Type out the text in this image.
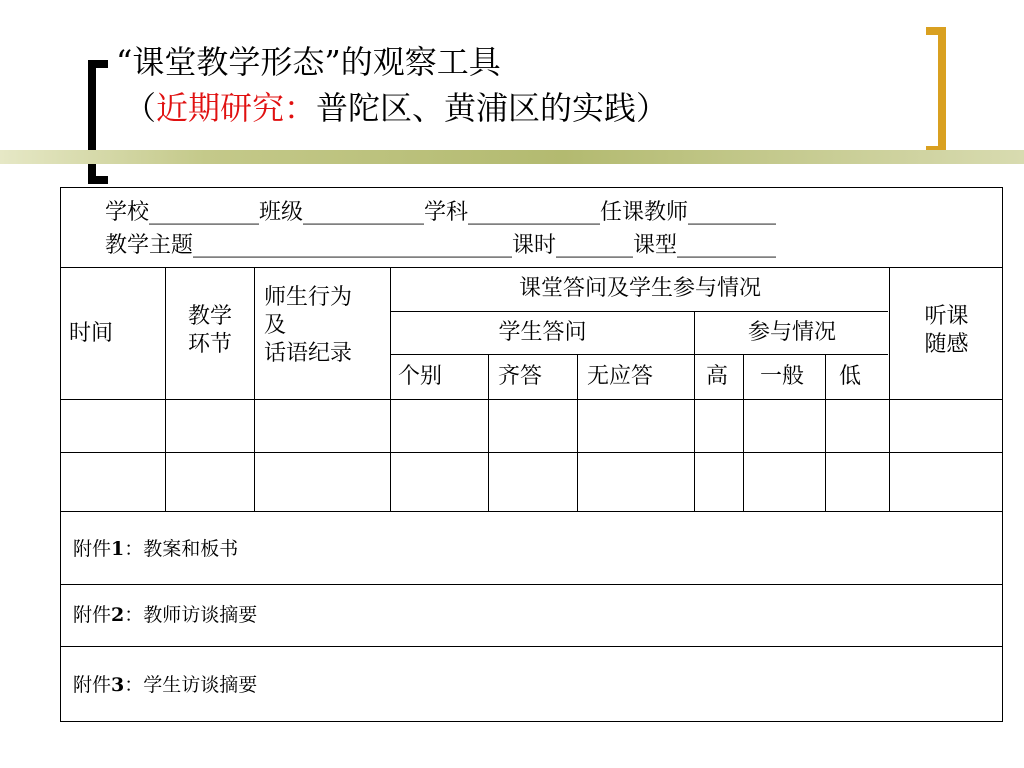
“课堂教学形态”的观察工具
（近期研究：普陀区、黄浦区的实践）
学校__________班级___________学科____________任课教师________
教学主题_____________________________课时_______课型_________
时间
教学
环节
师生行为
及
话语纪录
课堂答问及学生参与情况
学生答问	参与情况
个别	齐答 无应答 高 一般 低
听课
随感
附件1：教案和板书
附件2：教师访谈摘要
附件3：学生访谈摘要
